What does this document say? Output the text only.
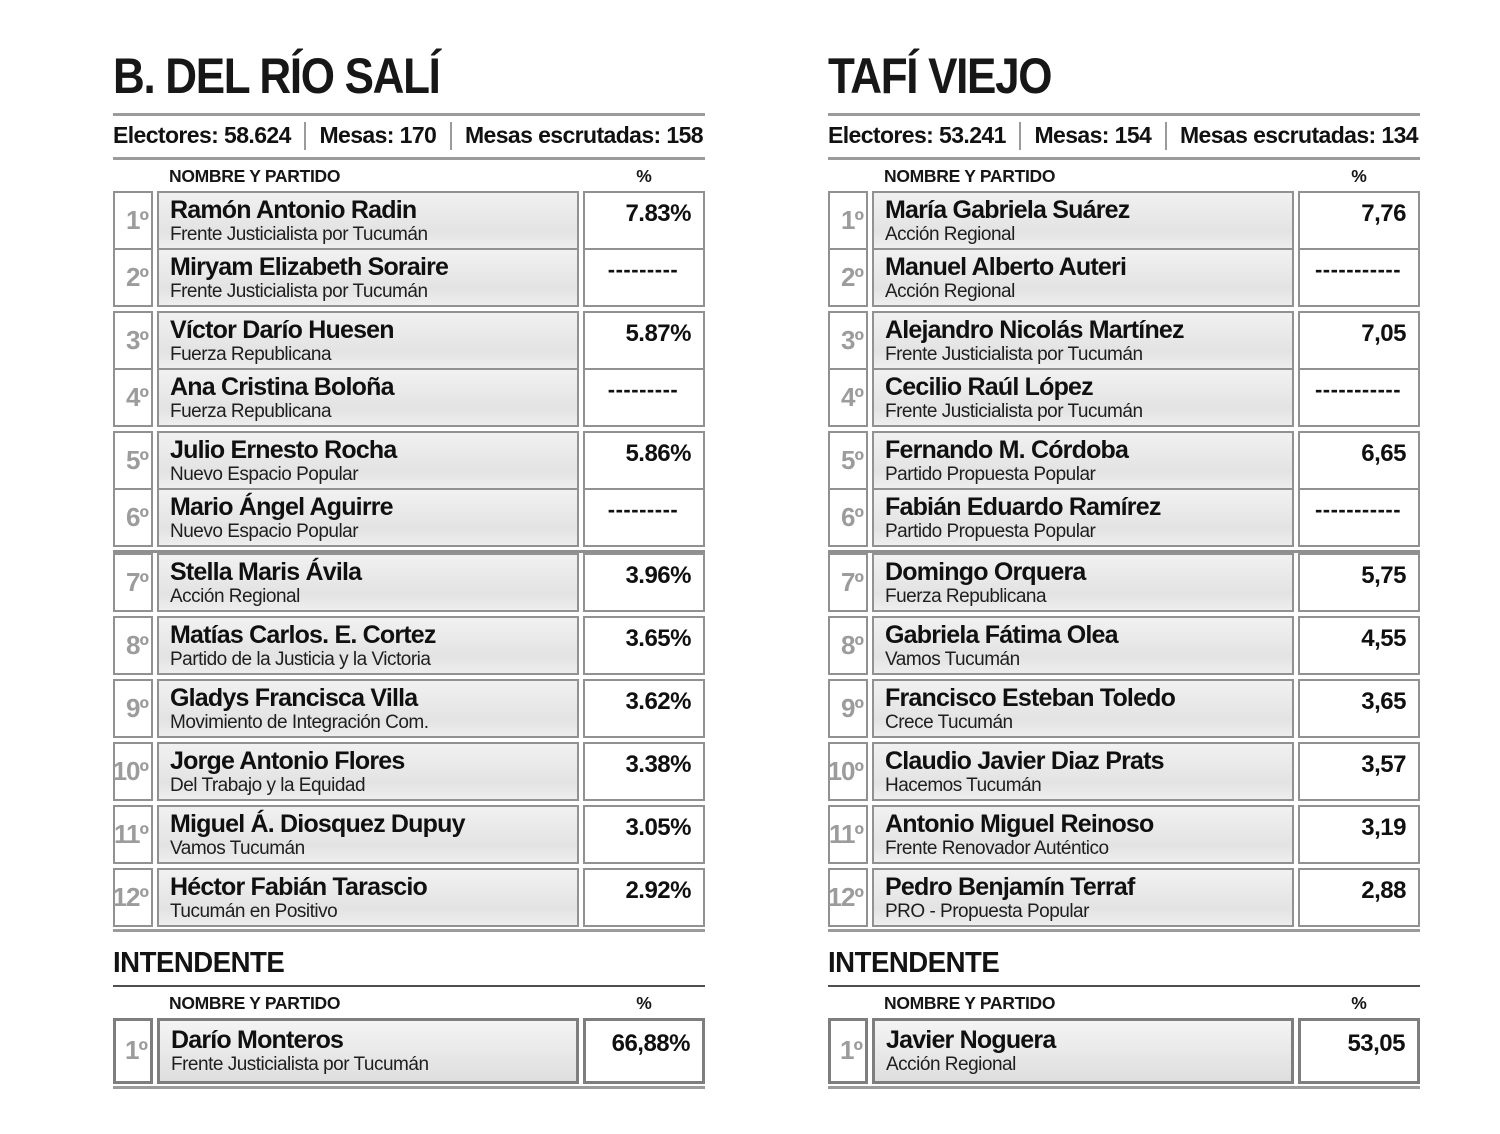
B. DEL RÍO SALÍ
Electores: 58.624 Mesas: 170 Mesas escrutadas: 158
NOMBRE Y PARTIDO	%
1º Ramón Antonio Radin
Frente Justicialista por Tucumán
7.83%
2º Miryam Elizabeth Soraire
Frente Justicialista por Tucumán
---------
3º Víctor Darío Huesen
Fuerza Republicana
5.87%
4º Ana Cristina Boloña
Fuerza Republicana
---------
5º Julio Ernesto Rocha
Nuevo Espacio Popular
5.86%
6º Mario Ángel Aguirre
Nuevo Espacio Popular
---------
7º Stella Maris Ávila
Acción Regional
3.96%
8º Matías Carlos. E. Cortez
Partido de la Justicia y la Victoria
3.65%
9º Gladys Francisca Villa
Movimiento de Integración Com.
3.62%
10º Jorge Antonio Flores
Del Trabajo y la Equidad
3.38%
11º Miguel Á. Diosquez Dupuy
Vamos Tucumán
3.05%
12º Héctor Fabián Tarascio
Tucumán en Positivo
2.92%
INTENDENTE
NOMBRE Y PARTIDO	%
1º Darío Monteros
Frente Justicialista por Tucumán
66,88%
TAFÍ VIEJO
Electores: 53.241 Mesas: 154 Mesas escrutadas: 134
NOMBRE Y PARTIDO	%
1º María Gabriela Suárez
Acción Regional
7,76
2º Manuel Alberto Auteri
Acción Regional
-----------
3º Alejandro Nicolás Martínez
Frente Justicialista por Tucumán
7,05
4º Cecilio Raúl López
Frente Justicialista por Tucumán
-----------
5º Fernando M. Córdoba
Partido Propuesta Popular
6,65
6º Fabián Eduardo Ramírez
Partido Propuesta Popular
-----------
7º Domingo Orquera
Fuerza Republicana
5,75
8º Gabriela Fátima Olea
Vamos Tucumán
4,55
9º Francisco Esteban Toledo
Crece Tucumán
3,65
10º Claudio Javier Diaz Prats
Hacemos Tucumán
3,57
11º Antonio Miguel Reinoso
Frente Renovador Auténtico
3,19
12º Pedro Benjamín Terraf
PRO - Propuesta Popular
2,88
INTENDENTE
NOMBRE Y PARTIDO	%
1º Javier Noguera
Acción Regional
53,05
